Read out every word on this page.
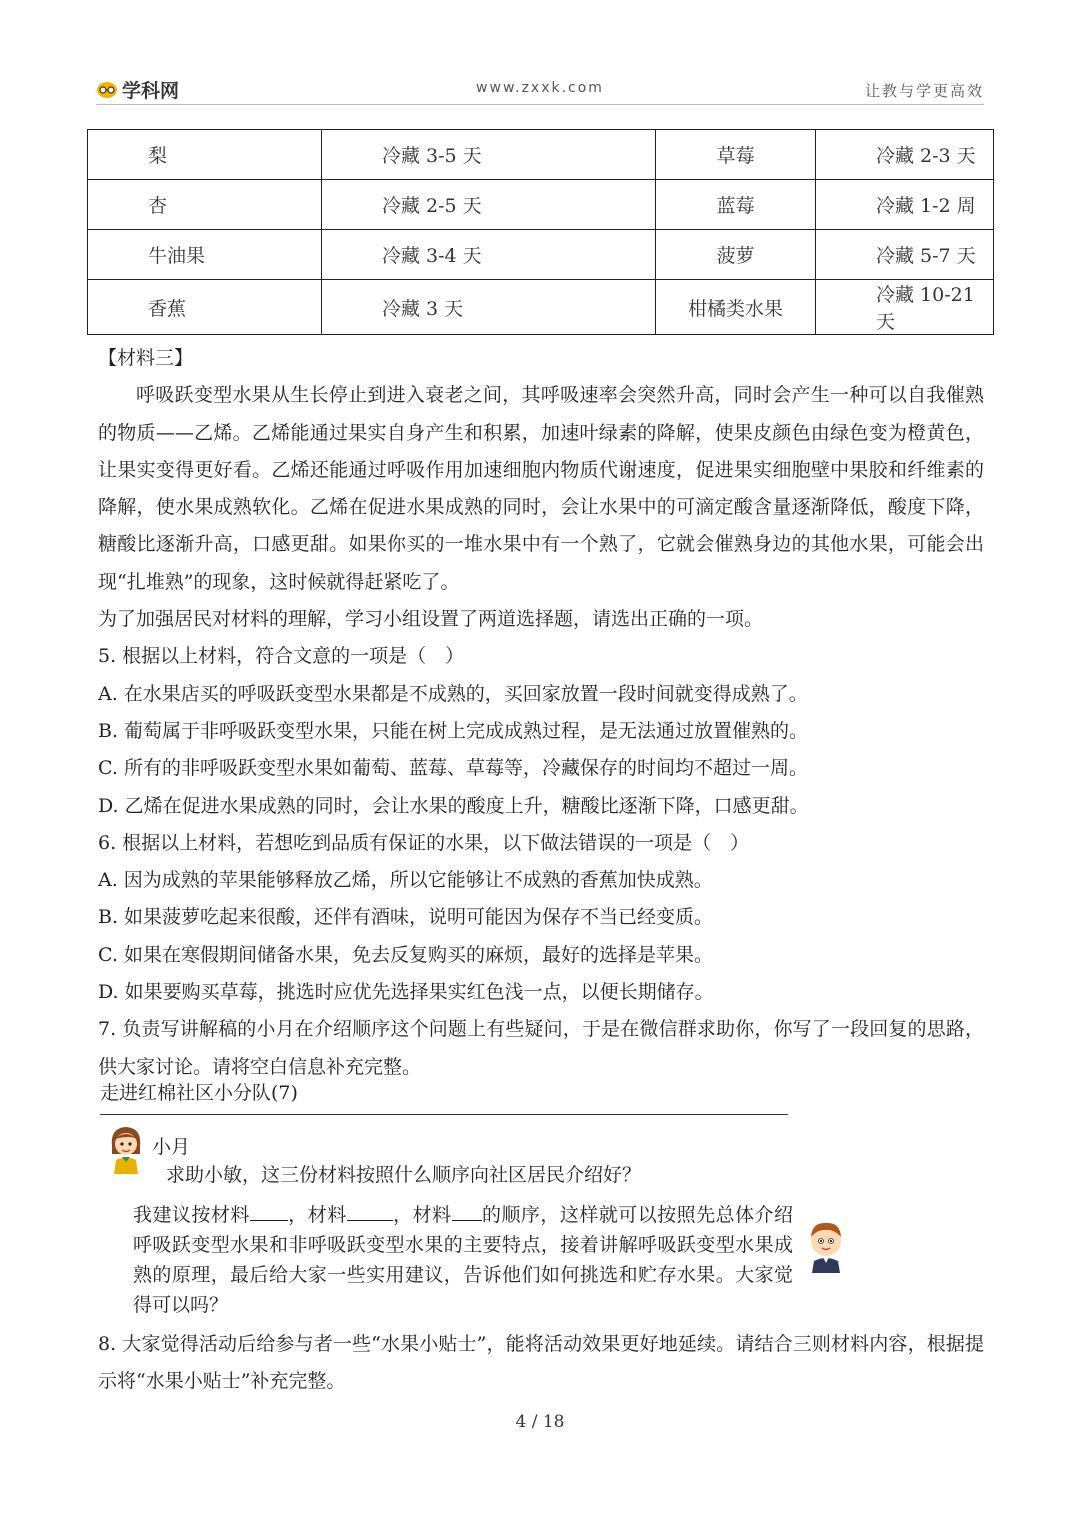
学科网	www.zxxk.com	让教与学更高效
梨	冷藏 3-5 天	草莓	冷藏 2-3 天
杏	冷藏 2-5 天	蓝莓	冷藏 1-2 周
牛油果	冷藏 3-4 天	菠萝	冷藏 5-7 天
香蕉	冷藏 3 天	柑橘类水果	冷藏 10-21 天

【材料三】

呼吸跃变型水果从生长停止到进入衰老之间，其呼吸速率会突然升高，同时会产生一种可以自我催熟的物质——乙烯。乙烯能通过果实自身产生和积累，加速叶绿素的降解，使果皮颜色由绿色变为橙黄色，让果实变得更好看。乙烯还能通过呼吸作用加速细胞内物质代谢速度，促进果实细胞壁中果胶和纤维素的降解，使水果成熟软化。乙烯在促进水果成熟的同时，会让水果中的可滴定酸含量逐渐降低，酸度下降，糖酸比逐渐升高，口感更甜。如果你买的一堆水果中有一个熟了，它就会催熟身边的其他水果，可能会出现“扎堆熟”的现象，这时候就得赶紧吃了。

为了加强居民对材料的理解，学习小组设置了两道选择题，请选出正确的一项。

5. 根据以上材料，符合文意的一项是（　）

A. 在水果店买的呼吸跃变型水果都是不成熟的，买回家放置一段时间就变得成熟了。

B. 葡萄属于非呼吸跃变型水果，只能在树上完成成熟过程，是无法通过放置催熟的。

C. 所有的非呼吸跃变型水果如葡萄、蓝莓、草莓等，冷藏保存的时间均不超过一周。

D. 乙烯在促进水果成熟的同时，会让水果的酸度上升，糖酸比逐渐下降，口感更甜。

6. 根据以上材料，若想吃到品质有保证的水果，以下做法错误的一项是（　）

A. 因为成熟的苹果能够释放乙烯，所以它能够让不成熟的香蕉加快成熟。

B. 如果菠萝吃起来很酸，还伴有酒味，说明可能因为保存不当已经变质。

C. 如果在寒假期间储备水果，免去反复购买的麻烦，最好的选择是苹果。

D. 如果要购买草莓，挑选时应优先选择果实红色浅一点，以便长期储存。

7. 负责写讲解稿的小月在介绍顺序这个问题上有些疑问，于是在微信群求助你，你写了一段回复的思路，供大家讨论。请将空白信息补充完整。

走进红棉社区小分队(7)
小月
求助小敏，这三份材料按照什么顺序向社区居民介绍好？
我建议按材料 ，材料 ，材料 的顺序，这样就可以按照先总体介绍呼吸跃变型水果和非呼吸跃变型水果的主要特点，接着讲解呼吸跃变型水果成熟的原理，最后给大家一些实用建议，告诉他们如何挑选和贮存水果。大家觉得可以吗？

8. 大家觉得活动后给参与者一些“水果小贴士”，能将活动效果更好地延续。请结合三则材料内容，根据提示将“水果小贴士”补充完整。

4 / 18
